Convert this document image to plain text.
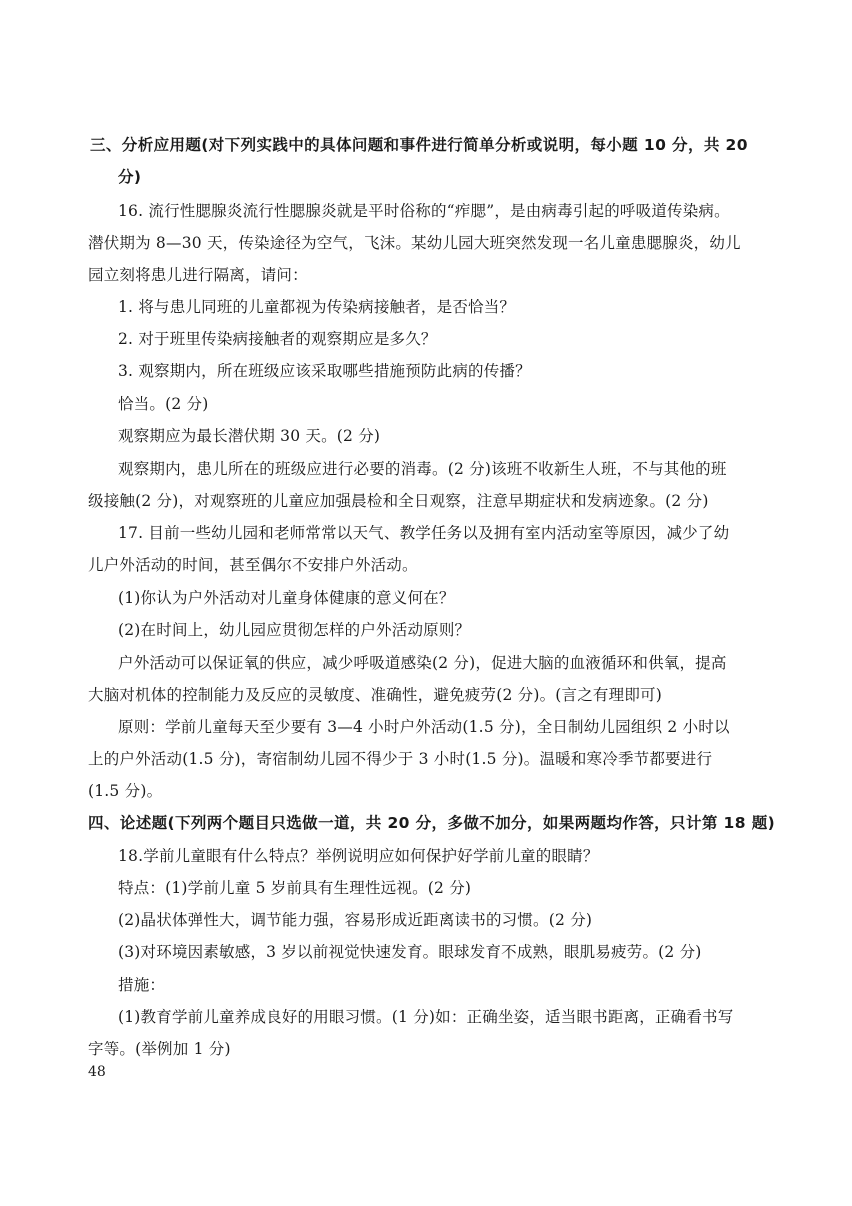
三、分析应用题(对下列实践中的具体问题和事件进行简单分析或说明，每小题 10 分，共 20
分)
16. 流行性腮腺炎流行性腮腺炎就是平时俗称的“痄腮”，是由病毒引起的呼吸道传染病。
潜伏期为 8—30 天，传染途径为空气，飞沫。某幼儿园大班突然发现一名儿童患腮腺炎，幼儿
园立刻将患儿进行隔离，请问：
1. 将与患儿同班的儿童都视为传染病接触者，是否恰当？
2. 对于班里传染病接触者的观察期应是多久？
3. 观察期内，所在班级应该采取哪些措施预防此病的传播？
恰当。(2 分)
观察期应为最长潜伏期 30 天。(2 分)
观察期内，患儿所在的班级应进行必要的消毒。(2 分)该班不收新生人班，不与其他的班
级接触(2 分)，对观察班的儿童应加强晨检和全日观察，注意早期症状和发病迹象。(2 分)
17. 目前一些幼儿园和老师常常以天气、教学任务以及拥有室内活动室等原因，减少了幼
儿户外活动的时间，甚至偶尔不安排户外活动。
(1)你认为户外活动对儿童身体健康的意义何在？
(2)在时间上，幼儿园应贯彻怎样的户外活动原则？
户外活动可以保证氧的供应，减少呼吸道感染(2 分)，促进大脑的血液循环和供氧，提高
大脑对机体的控制能力及反应的灵敏度、准确性，避免疲劳(2 分)。(言之有理即可)
原则：学前儿童每天至少要有 3—4 小时户外活动(1.5 分)，全日制幼儿园组织 2 小时以
上的户外活动(1.5 分)，寄宿制幼儿园不得少于 3 小时(1.5 分)。温暖和寒冷季节都要进行
(1.5 分)。
四、论述题(下列两个题目只选做一道，共 20 分，多做不加分，如果两题均作答，只计第 18 题)
18.学前儿童眼有什么特点？举例说明应如何保护好学前儿童的眼睛？
特点：(1)学前儿童 5 岁前具有生理性远视。(2 分)
(2)晶状体弹性大，调节能力强，容易形成近距离读书的习惯。(2 分)
(3)对环境因素敏感，3 岁以前视觉快速发育。眼球发育不成熟，眼肌易疲劳。(2 分)
措施：
(1)教育学前儿童养成良好的用眼习惯。(1 分)如：正确坐姿，适当眼书距离，正确看书写
字等。(举例加 1 分)
48
